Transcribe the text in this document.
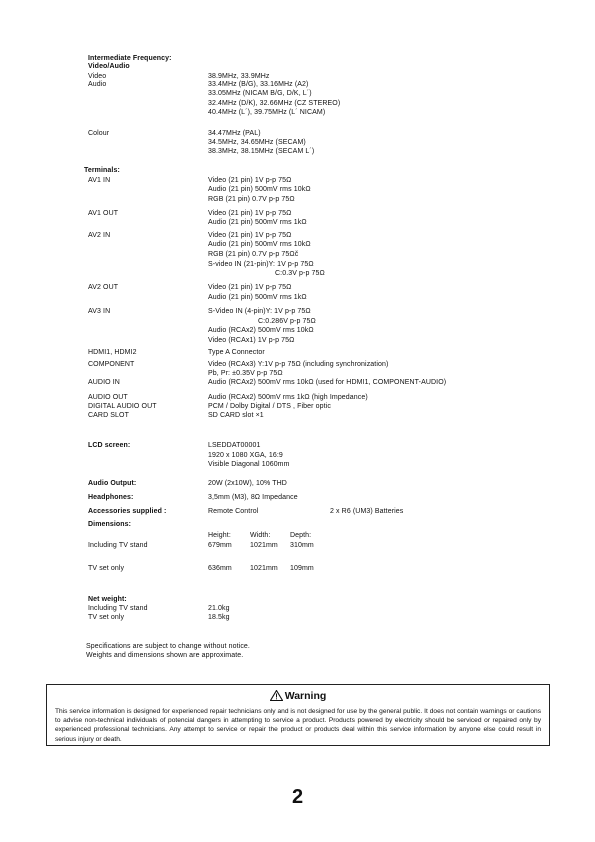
Intermediate Frequency:
Video/Audio
Video	38.9MHz, 33.9MHz
Audio	33.4MHz (B/G), 33.16MHz (A2)
33.05MHz (NICAM B/G, D/K, L´)
32.4MHz (D/K), 32.66MHz (CZ STEREO)
40.4MHz (L´), 39.75MHz (L´ NICAM)
Colour	34.47MHz (PAL)
34.5MHz, 34.65MHz (SECAM)
38.3MHz, 38.15MHz (SECAM L´)
Terminals:
AV1 IN	Video (21 pin) 1V p-p 75Ω
Audio (21 pin) 500mV rms 10kΩ
RGB (21 pin) 0.7V p-p 75Ω
AV1 OUT	Video (21 pin) 1V p-p 75Ω
Audio (21 pin) 500mV rms 1kΩ
AV2 IN	Video (21 pin) 1V p-p 75Ω
Audio (21 pin) 500mV rms 10kΩ
RGB (21 pin) 0.7V p-p 75Ωč
S-video IN (21-pin)Y: 1V p-p 75Ω
C:0.3V p-p 75Ω
AV2 OUT	Video (21 pin) 1V p-p 75Ω
Audio (21 pin) 500mV rms 1kΩ
AV3 IN	S-Video IN (4-pin)Y: 1V p-p 75Ω
C:0.286V p-p 75Ω
Audio (RCAx2) 500mV rms 10kΩ
Video (RCAx1) 1V p-p 75Ω
HDMI1, HDMI2	Type A Connector
COMPONENT	Video (RCAx3) Y:1V p-p 75Ω (including synchronization)
Pb, Pr: ±0.35V p-p 75Ω
AUDIO IN	Audio (RCAx2) 500mV rms 10kΩ (used for HDMI1, COMPONENT-AUDIO)
AUDIO OUT	Audio (RCAx2) 500mV rms 1kΩ (high Impedance)
DIGITAL AUDIO OUT	PCM / Dolby Digital / DTS , Fiber optic
CARD SLOT	SD CARD slot ×1
LCD screen:	LSEDDAT00001
1920 x 1080 XGA, 16:9
Visible Diagonal 1060mm
Audio Output:	20W (2x10W), 10% THD
Headphones:	3,5mm (M3), 8Ω Impedance
Accessories supplied :	Remote Control	2 x R6 (UM3) Batteries
Dimensions:
Height:	Width:	Depth:
Including TV stand	679mm	1021mm 310mm
TV set only	636mm	1021mm 109mm
Net weight:
Including TV stand	21.0kg
TV set only	18.5kg
Specifications are subject to change without notice.
Weights and dimensions shown are approximate.
Warning
This service information is designed for experienced repair technicians only and is not designed for use by the general public. It does not contain warnings or cautions to advise non-technical individuals of potencial dangers in attempting to service a product. Products powered by electricity should be serviced or repaired only by experienced professional technicians. Any attempt to service or repair the product or products deal within this service information by anyone else could result in serious injury or death.
2
